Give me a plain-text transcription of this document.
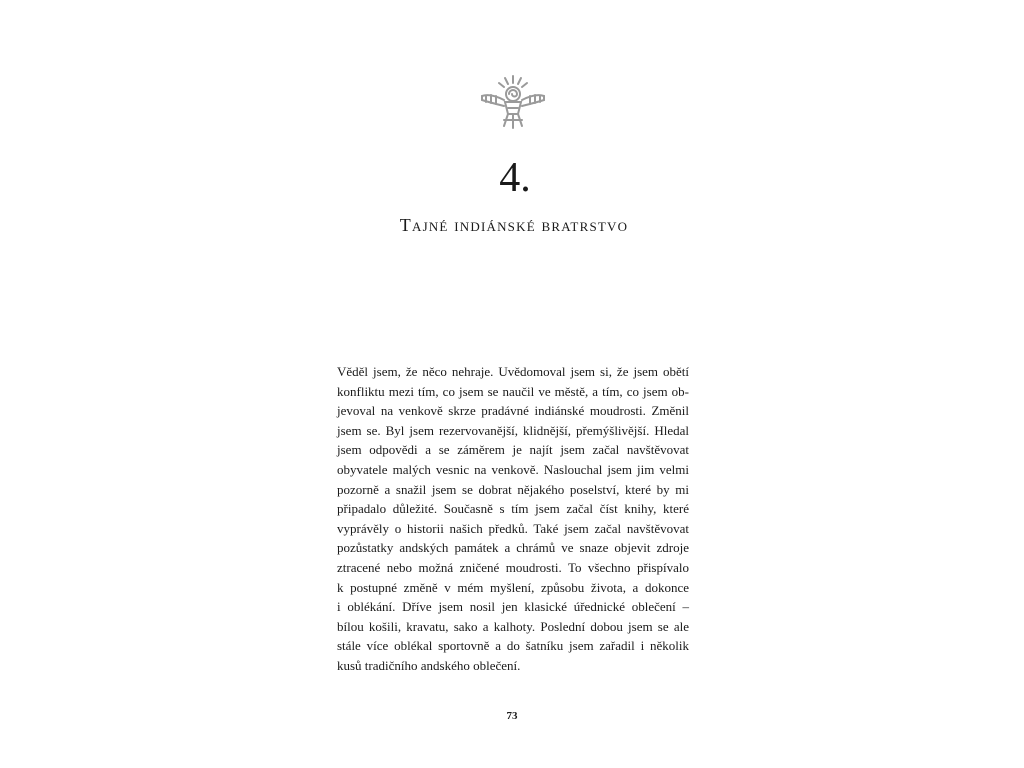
4.
Tajné indiánské bratrstvo
Věděl jsem, že něco nehraje. Uvědomoval jsem si, že jsem obětí
konfliktu mezi tím, co jsem se naučil ve městě, a tím, co jsem ob-
jevoval na venkově skrze pradávné indiánské moudrosti. Změnil
jsem se. Byl jsem rezervovanější, klidnější, přemýšlivější. Hledal
jsem odpovědi a se záměrem je najít jsem začal navštěvovat
obyvatele malých vesnic na venkově. Naslouchal jsem jim velmi
pozorně a snažil jsem se dobrat nějakého poselství, které by mi
připadalo důležité. Současně s tím jsem začal číst knihy, které
vyprávěly o historii našich předků. Také jsem začal navštěvovat
pozůstatky andských památek a chrámů ve snaze objevit zdroje
ztracené nebo možná zničené moudrosti. To všechno přispívalo
k postupné změně v mém myšlení, způsobu života, a dokonce
i oblékání. Dříve jsem nosil jen klasické úřednické oblečení –
bílou košili, kravatu, sako a kalhoty. Poslední dobou jsem se ale
stále více oblékal sportovně a do šatníku jsem zařadil i několik
kusů tradičního andského oblečení.
73
